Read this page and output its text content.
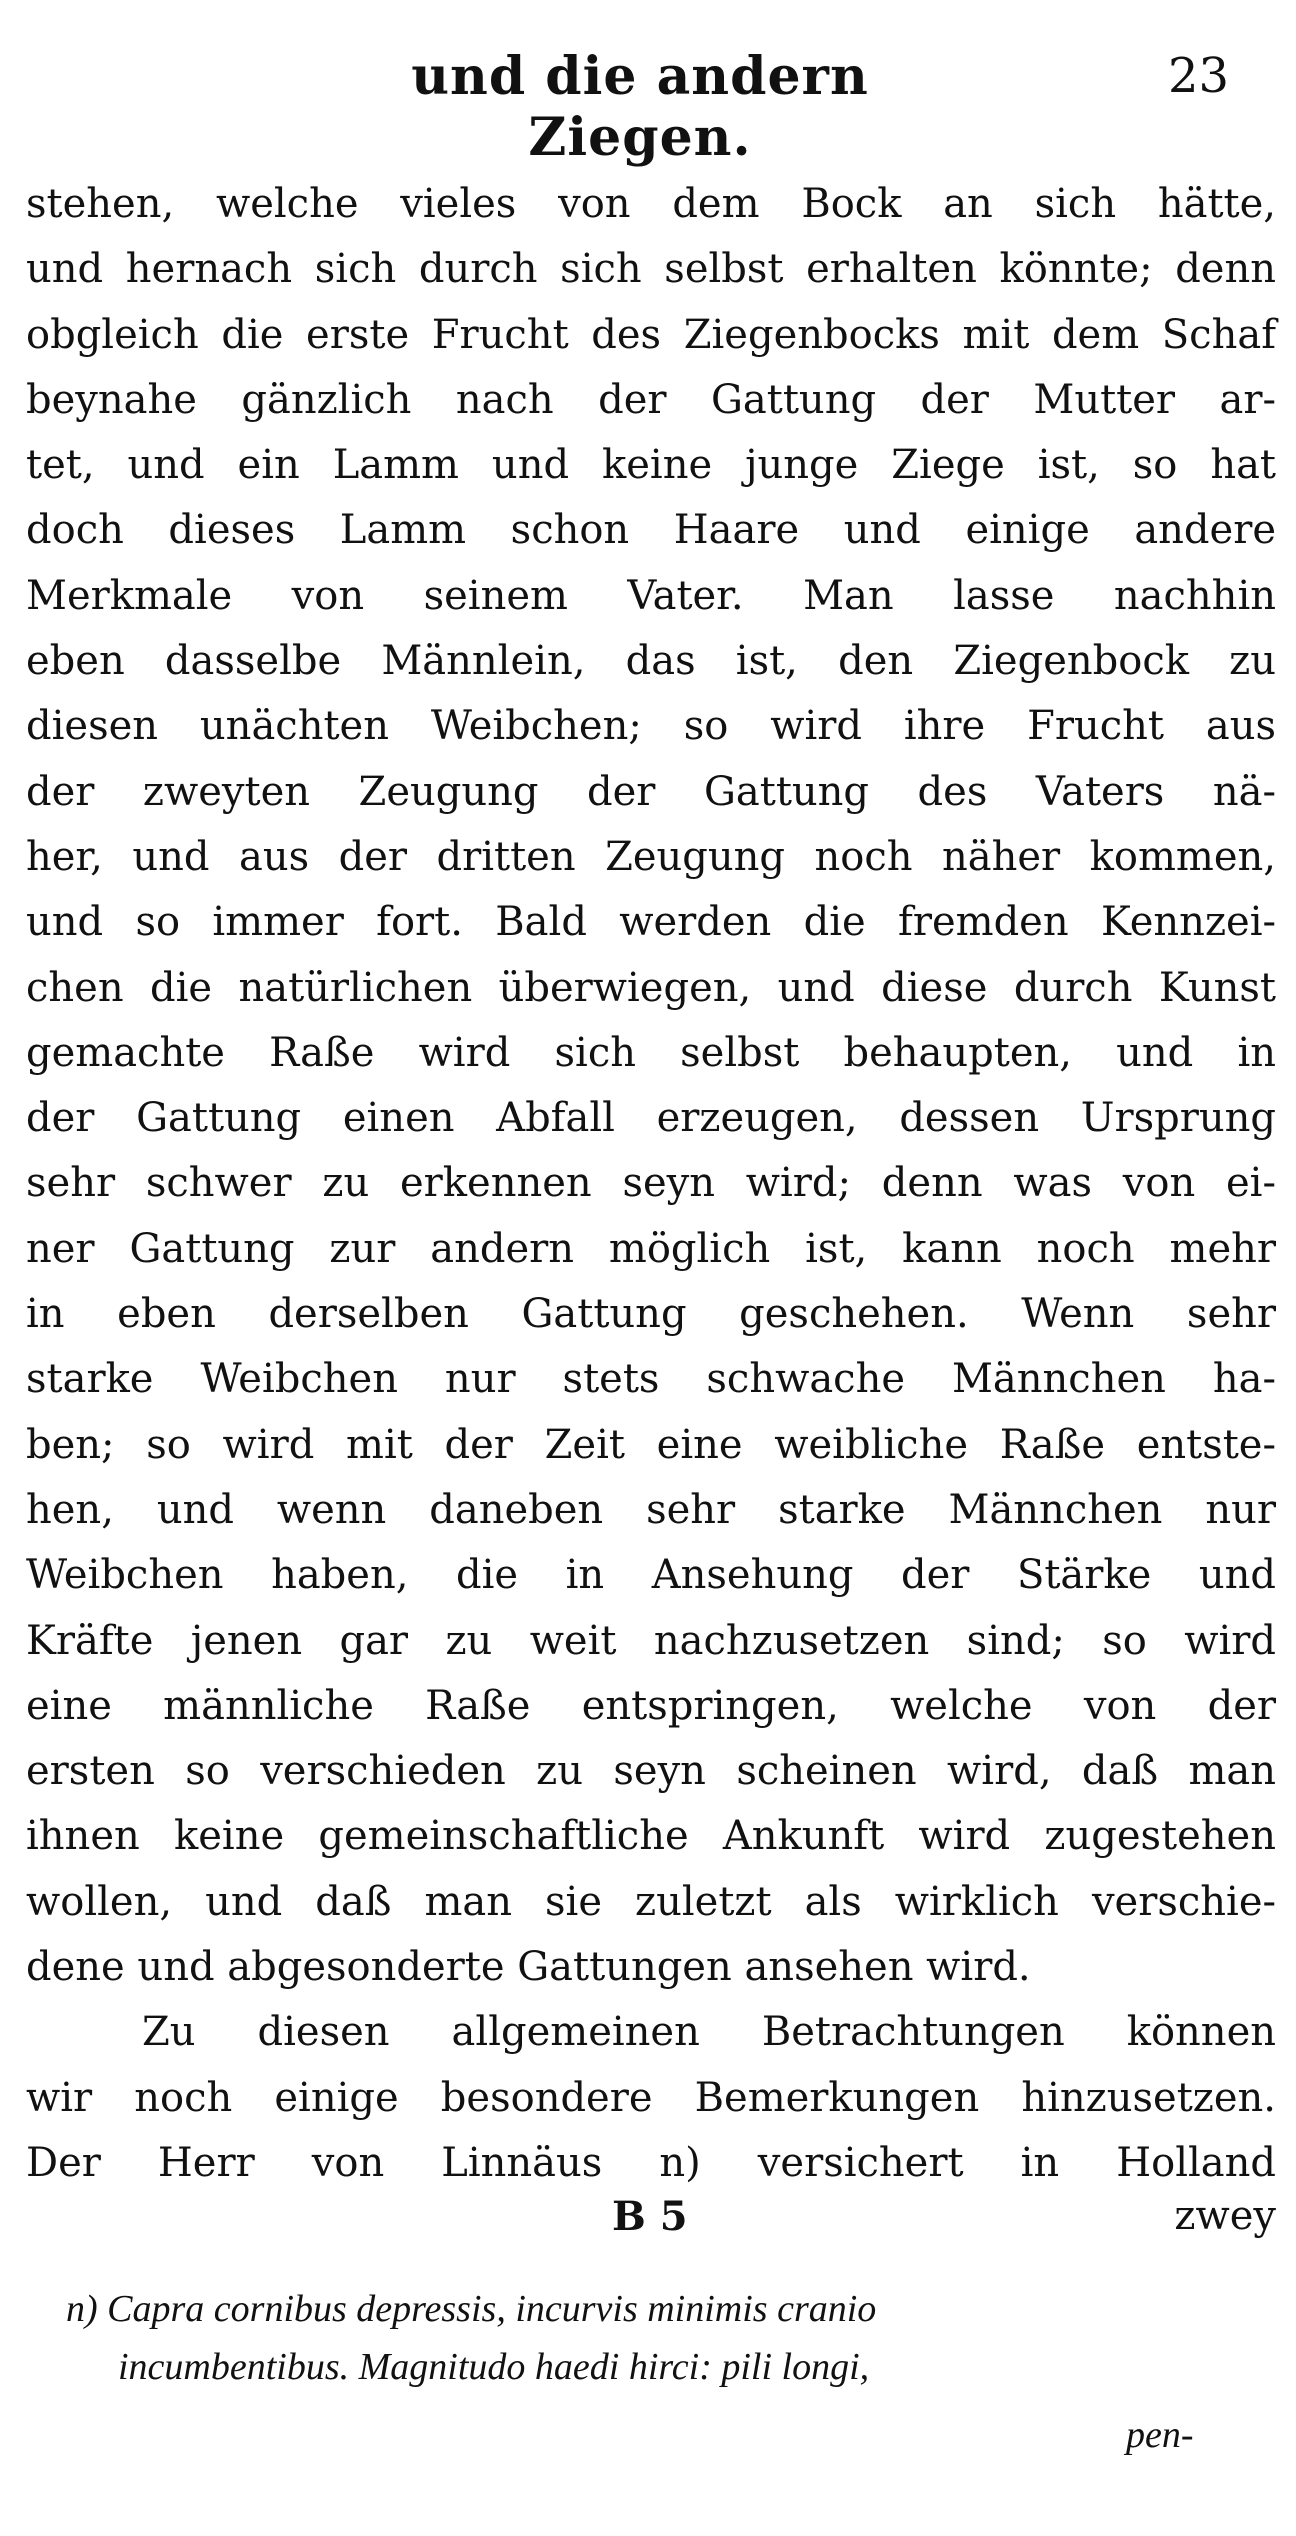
und die andern Ziegen.
23
stehen, welche vieles von dem Bock an sich hätte,
und hernach sich durch sich selbst erhalten könnte; denn
obgleich die erste Frucht des Ziegenbocks mit dem Schaf
beynahe gänzlich nach der Gattung der Mutter ar-
tet, und ein Lamm und keine junge Ziege ist, so hat
doch dieses Lamm schon Haare und einige andere
Merkmale von seinem Vater. Man lasse nachhin
eben dasselbe Männlein, das ist, den Ziegenbock zu
diesen unächten Weibchen; so wird ihre Frucht aus
der zweyten Zeugung der Gattung des Vaters nä-
her, und aus der dritten Zeugung noch näher kommen,
und so immer fort. Bald werden die fremden Kennzei-
chen die natürlichen überwiegen, und diese durch Kunst
gemachte Raße wird sich selbst behaupten, und in
der Gattung einen Abfall erzeugen, dessen Ursprung
sehr schwer zu erkennen seyn wird; denn was von ei-
ner Gattung zur andern möglich ist, kann noch mehr
in eben derselben Gattung geschehen. Wenn sehr
starke Weibchen nur stets schwache Männchen ha-
ben; so wird mit der Zeit eine weibliche Raße entste-
hen, und wenn daneben sehr starke Männchen nur
Weibchen haben, die in Ansehung der Stärke und
Kräfte jenen gar zu weit nachzusetzen sind; so wird
eine männliche Raße entspringen, welche von der
ersten so verschieden zu seyn scheinen wird, daß man
ihnen keine gemeinschaftliche Ankunft wird zugestehen
wollen, und daß man sie zuletzt als wirklich verschie-
dene und abgesonderte Gattungen ansehen wird.
Zu diesen allgemeinen Betrachtungen können
wir noch einige besondere Bemerkungen hinzusetzen.
Der Herr von Linnäus n) versichert in Holland
B 5	zwey
n) Capra cornibus depressis, incurvis minimis cranio
incumbentibus. Magnitudo haedi hirci: pili longi,
pen-
